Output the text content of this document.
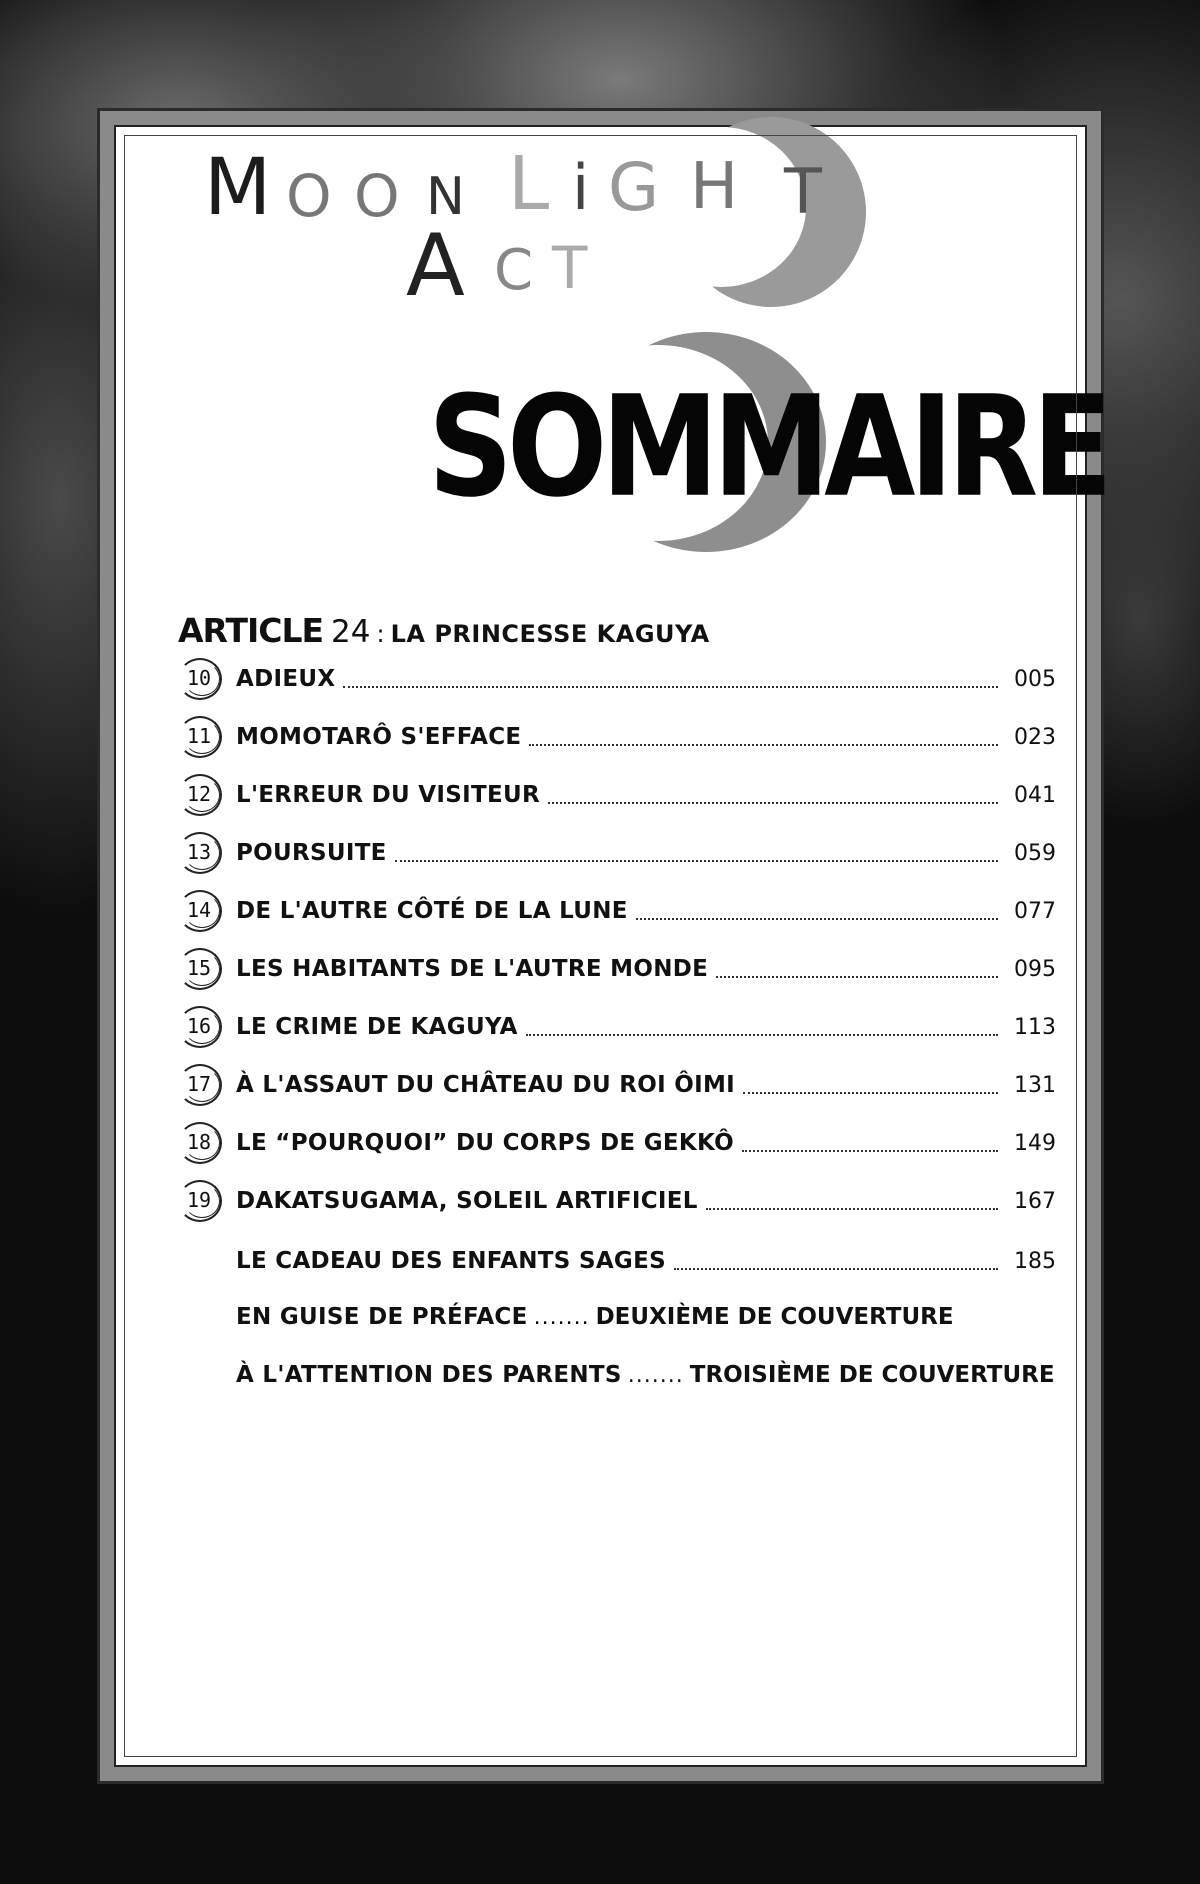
M O O N L i G H T
A C T
SOMMAIRE
ARTICLE 24 : LA PRINCESSE KAGUYA
10 ADIEUX	005
11 MOMOTARÔ S'EFFACE	023
12 L'ERREUR DU VISITEUR	041
13 POURSUITE	059
14 DE L'AUTRE CÔTÉ DE LA LUNE	077
15 LES HABITANTS DE L'AUTRE MONDE	095
16 LE CRIME DE KAGUYA	113
17 À L'ASSAUT DU CHÂTEAU DU ROI ÔIMI	131
18 LE “POURQUOI” DU CORPS DE GEKKÔ	149
19 DAKATSUGAMA, SOLEIL ARTIFICIEL	167
LE CADEAU DES ENFANTS SAGES	185
EN GUISE DE PRÉFACE ....... DEUXIÈME DE COUVERTURE
À L'ATTENTION DES PARENTS ....... TROISIÈME DE COUVERTURE
